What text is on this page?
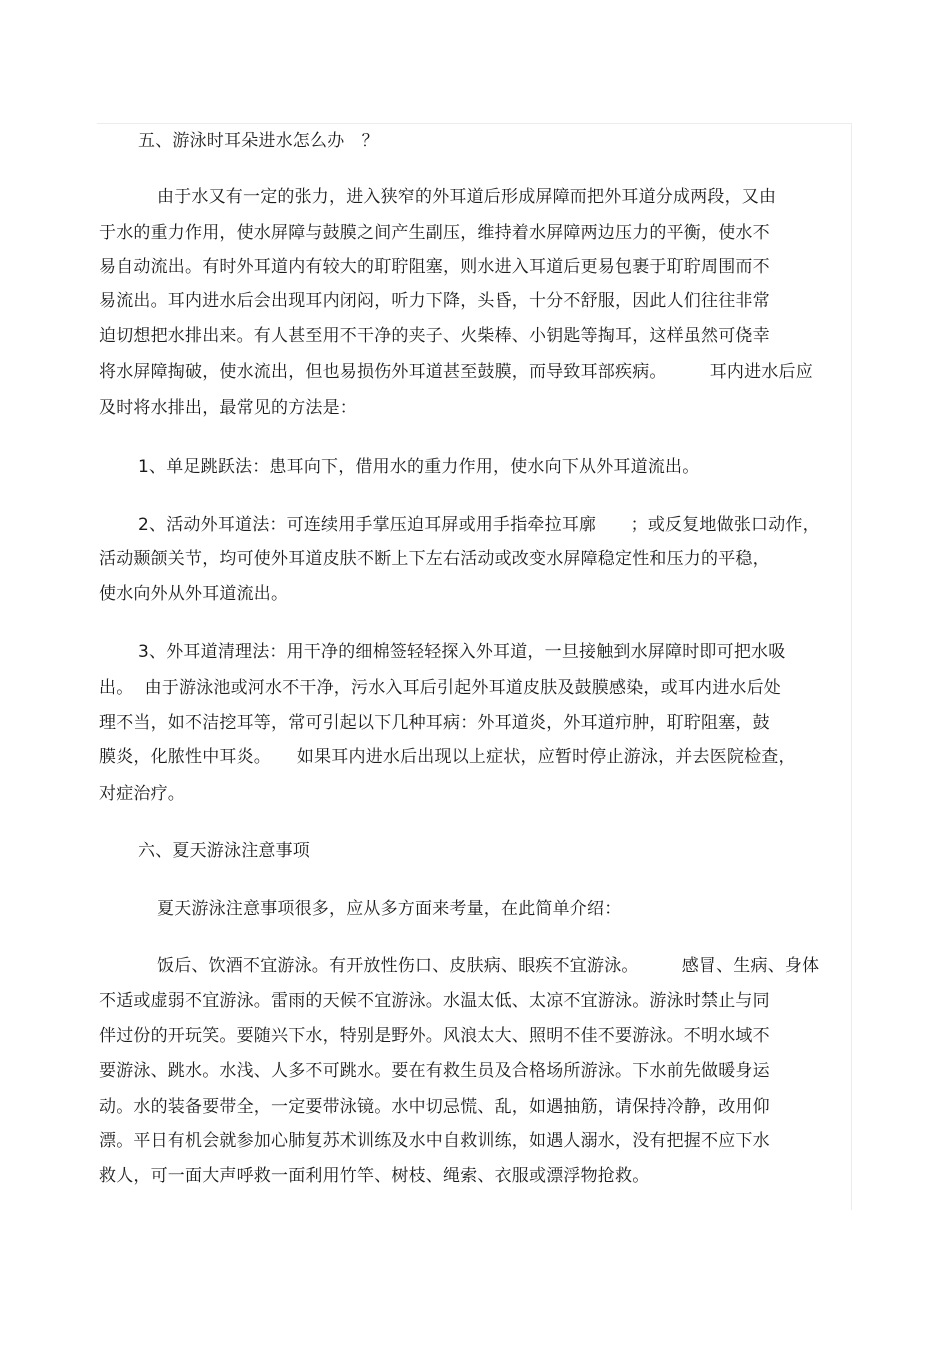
五、游泳时耳朵进水怎么办　？
由于水又有一定的张力，进入狭窄的外耳道后形成屏障而把外耳道分成两段，又由
于水的重力作用，使水屏障与鼓膜之间产生副压，维持着水屏障两边压力的平衡，使水不
易自动流出。有时外耳道内有较大的耵聍阻塞，则水进入耳道后更易包裹于耵聍周围而不
易流出。耳内进水后会出现耳内闭闷，听力下降，头昏，十分不舒服，因此人们往往非常
迫切想把水排出来。有人甚至用不干净的夹子、火柴棒、小钥匙等掏耳，这样虽然可侥幸
将水屏障掏破，使水流出，但也易损伤外耳道甚至鼓膜，而导致耳部疾病。　　　耳内进水后应
及时将水排出，最常见的方法是：
1、单足跳跃法：患耳向下，借用水的重力作用，使水向下从外耳道流出。
2、活动外耳道法：可连续用手掌压迫耳屏或用手指牵拉耳廓　　；或反复地做张口动作，
活动颞颌关节，均可使外耳道皮肤不断上下左右活动或改变水屏障稳定性和压力的平稳，
使水向外从外耳道流出。
3、外耳道清理法：用干净的细棉签轻轻探入外耳道，一旦接触到水屏障时即可把水吸
出。  由于游泳池或河水不干净，污水入耳后引起外耳道皮肤及鼓膜感染，或耳内进水后处
理不当，如不洁挖耳等，常可引起以下几种耳病：外耳道炎，外耳道疖肿，耵聍阻塞，鼓
膜炎，化脓性中耳炎。　　如果耳内进水后出现以上症状，应暂时停止游泳，并去医院检查，
对症治疗。
六、夏天游泳注意事项
夏天游泳注意事项很多，应从多方面来考量，在此简单介绍：
饭后、饮酒不宜游泳。有开放性伤口、皮肤病、眼疾不宜游泳。　　　感冒、生病、身体
不适或虚弱不宜游泳。雷雨的天候不宜游泳。水温太低、太凉不宜游泳。游泳时禁止与同
伴过份的开玩笑。要随兴下水，特别是野外。风浪太大、照明不佳不要游泳。不明水域不
要游泳、跳水。水浅、人多不可跳水。要在有救生员及合格场所游泳。下水前先做暖身运
动。水的装备要带全，一定要带泳镜。水中切忌慌、乱，如遇抽筋，请保持冷静，改用仰
漂。平日有机会就参加心肺复苏术训练及水中自救训练，如遇人溺水，没有把握不应下水
救人，可一面大声呼救一面利用竹竿、树枝、绳索、衣服或漂浮物抢救。
